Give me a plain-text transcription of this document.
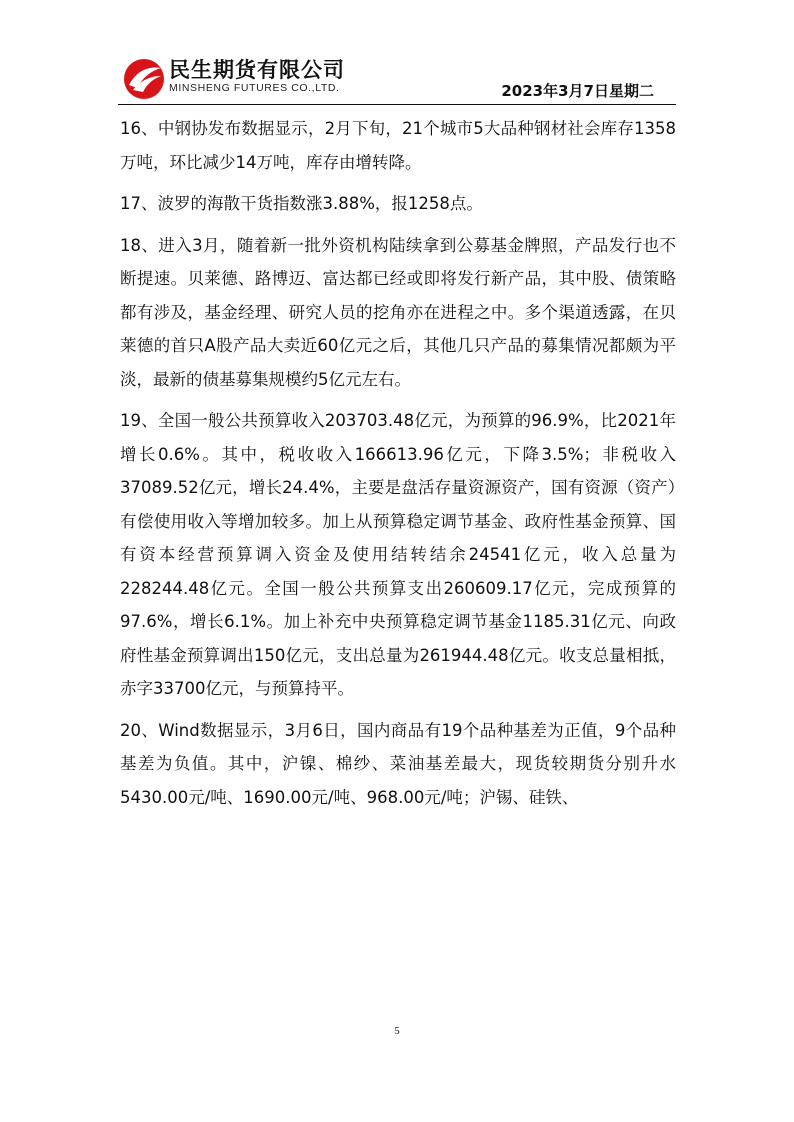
民生期货有限公司
MINSHENG FUTURES CO.,LTD.	2023年3月7日星期二

16、中钢协发布数据显示，2月下旬，21个城市5大品种钢材社会库存1358万吨，环比减少14万吨，库存由增转降。

17、波罗的海散干货指数涨3.88%，报1258点。

18、进入3月，随着新一批外资机构陆续拿到公募基金牌照，产品发行也不断提速。贝莱德、路博迈、富达都已经或即将发行新产品，其中股、债策略都有涉及，基金经理、研究人员的挖角亦在进程之中。多个渠道透露，在贝莱德的首只A股产品大卖近60亿元之后，其他几只产品的募集情况都颇为平淡，最新的债基募集规模约5亿元左右。

19、全国一般公共预算收入203703.48亿元，为预算的96.9%，比2021年增长0.6%。其中，税收收入166613.96亿元，下降3.5%；非税收入37089.52亿元，增长24.4%，主要是盘活存量资源资产，国有资源（资产）有偿使用收入等增加较多。加上从预算稳定调节基金、政府性基金预算、国有资本经营预算调入资金及使用结转结余24541亿元，收入总量为228244.48亿元。全国一般公共预算支出260609.17亿元，完成预算的97.6%，增长6.1%。加上补充中央预算稳定调节基金1185.31亿元、向政府性基金预算调出150亿元，支出总量为261944.48亿元。收支总量相抵，赤字33700亿元，与预算持平。

20、Wind数据显示，3月6日，国内商品有19个品种基差为正值，9个品种基差为负值。其中，沪镍、棉纱、菜油基差最大，现货较期货分别升水5430.00元/吨、1690.00元/吨、968.00元/吨；沪锡、硅铁、

5
